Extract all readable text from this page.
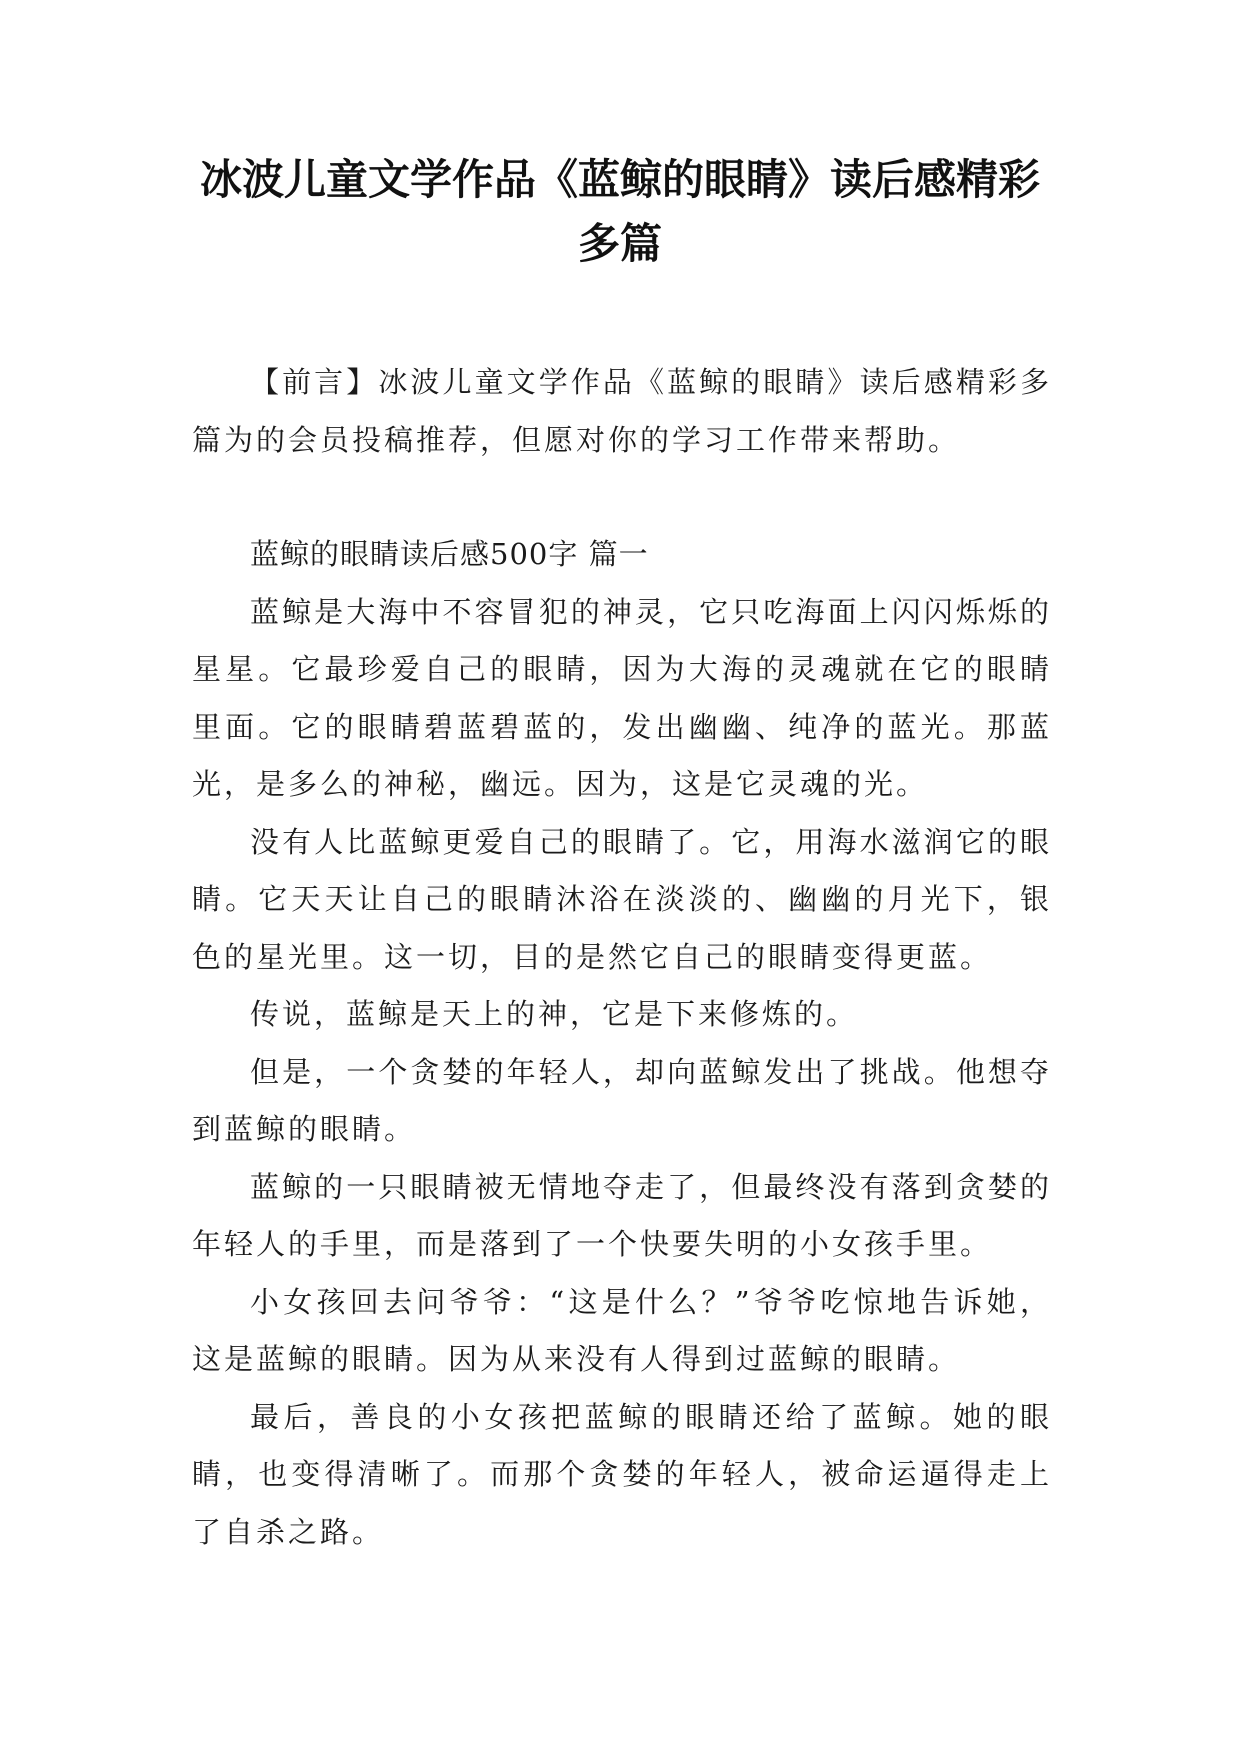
冰波儿童文学作品《蓝鲸的眼睛》读后感精彩多篇

【前言】冰波儿童文学作品《蓝鲸的眼睛》读后感精彩多篇为的会员投稿推荐，但愿对你的学习工作带来帮助。

蓝鲸的眼睛读后感500字 篇一

蓝鲸是大海中不容冒犯的神灵，它只吃海面上闪闪烁烁的星星。它最珍爱自己的眼睛，因为大海的灵魂就在它的眼睛里面。它的眼睛碧蓝碧蓝的，发出幽幽、纯净的蓝光。那蓝光，是多么的神秘，幽远。因为，这是它灵魂的光。

没有人比蓝鲸更爱自己的眼睛了。它，用海水滋润它的眼睛。它天天让自己的眼睛沐浴在淡淡的、幽幽的月光下，银色的星光里。这一切，目的是然它自己的眼睛变得更蓝。

传说，蓝鲸是天上的神，它是下来修炼的。

但是，一个贪婪的年轻人，却向蓝鲸发出了挑战。他想夺到蓝鲸的眼睛。

蓝鲸的一只眼睛被无情地夺走了，但最终没有落到贪婪的年轻人的手里，而是落到了一个快要失明的小女孩手里。

小女孩回去问爷爷：“这是什么？”爷爷吃惊地告诉她，这是蓝鲸的眼睛。因为从来没有人得到过蓝鲸的眼睛。

最后，善良的小女孩把蓝鲸的眼睛还给了蓝鲸。她的眼睛，也变得清晰了。而那个贪婪的年轻人，被命运逼得走上了自杀之路。
